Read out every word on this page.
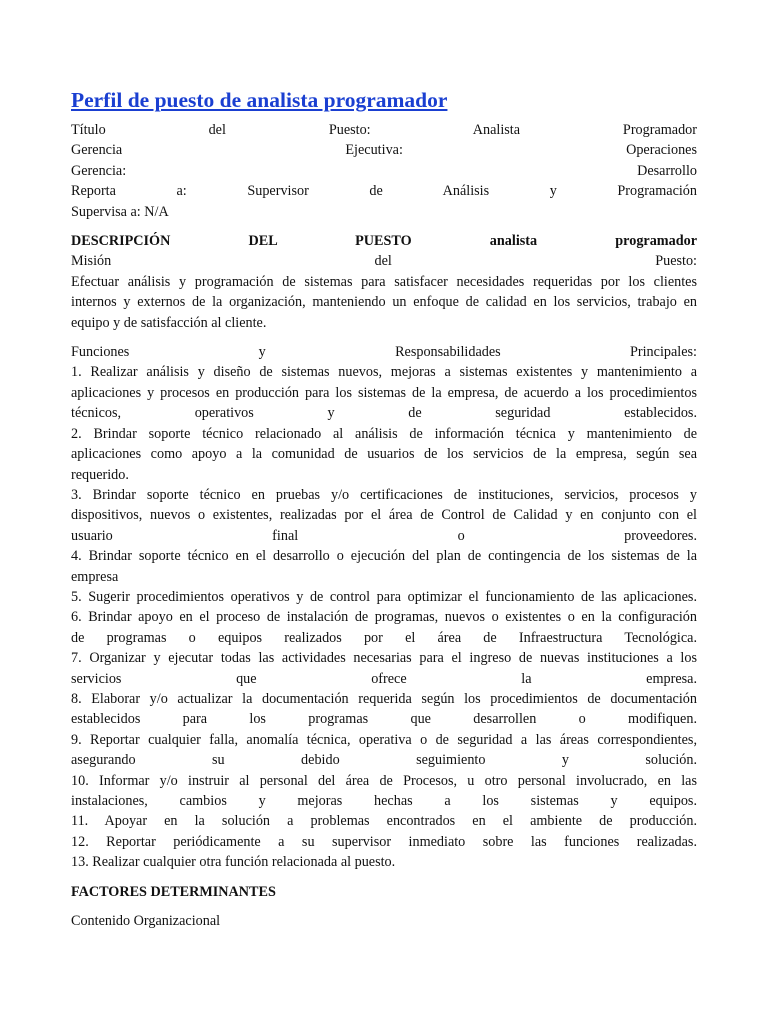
Perfil de puesto de analista programador
Título del Puesto: Analista Programador
Gerencia Ejecutiva: Operaciones
Gerencia: Desarrollo
Reporta a: Supervisor de Análisis y Programación
Supervisa a: N/A
DESCRIPCIÓN DEL PUESTO analista programador
Misión del Puesto:
Efectuar análisis y programación de sistemas para satisfacer necesidades requeridas por los clientes
internos y externos de la organización, manteniendo un enfoque de calidad en los servicios, trabajo en
equipo y de satisfacción al cliente.
Funciones y Responsabilidades Principales:
1. Realizar análisis y diseño de sistemas nuevos, mejoras a sistemas existentes y mantenimiento a
aplicaciones y procesos en producción para los sistemas de la empresa, de acuerdo a los procedimientos
técnicos, operativos y de seguridad establecidos.
2. Brindar soporte técnico relacionado al análisis de información técnica y mantenimiento de
aplicaciones como apoyo a la comunidad de usuarios de los servicios de la empresa, según sea
requerido.
3. Brindar soporte técnico en pruebas y/o certificaciones de instituciones, servicios, procesos y
dispositivos, nuevos o existentes, realizadas por el área de Control de Calidad y en conjunto con el
usuario final o proveedores.
4. Brindar soporte técnico en el desarrollo o ejecución del plan de contingencia de los sistemas de la
empresa
5. Sugerir procedimientos operativos y de control para optimizar el funcionamiento de las aplicaciones.
6. Brindar apoyo en el proceso de instalación de programas, nuevos o existentes o en la configuración
de programas o equipos realizados por el área de Infraestructura Tecnológica.
7. Organizar y ejecutar todas las actividades necesarias para el ingreso de nuevas instituciones a los
servicios que ofrece la empresa.
8. Elaborar y/o actualizar la documentación requerida según los procedimientos de documentación
establecidos para los programas que desarrollen o modifiquen.
9. Reportar cualquier falla, anomalía técnica, operativa o de seguridad a las áreas correspondientes,
asegurando su debido seguimiento y solución.
10. Informar y/o instruir al personal del área de Procesos, u otro personal involucrado, en las
instalaciones, cambios y mejoras hechas a los sistemas y equipos.
11. Apoyar en la solución a problemas encontrados en el ambiente de producción.
12. Reportar periódicamente a su supervisor inmediato sobre las funciones realizadas.
13. Realizar cualquier otra función relacionada al puesto.

FACTORES DETERMINANTES

Contenido Organizacional
